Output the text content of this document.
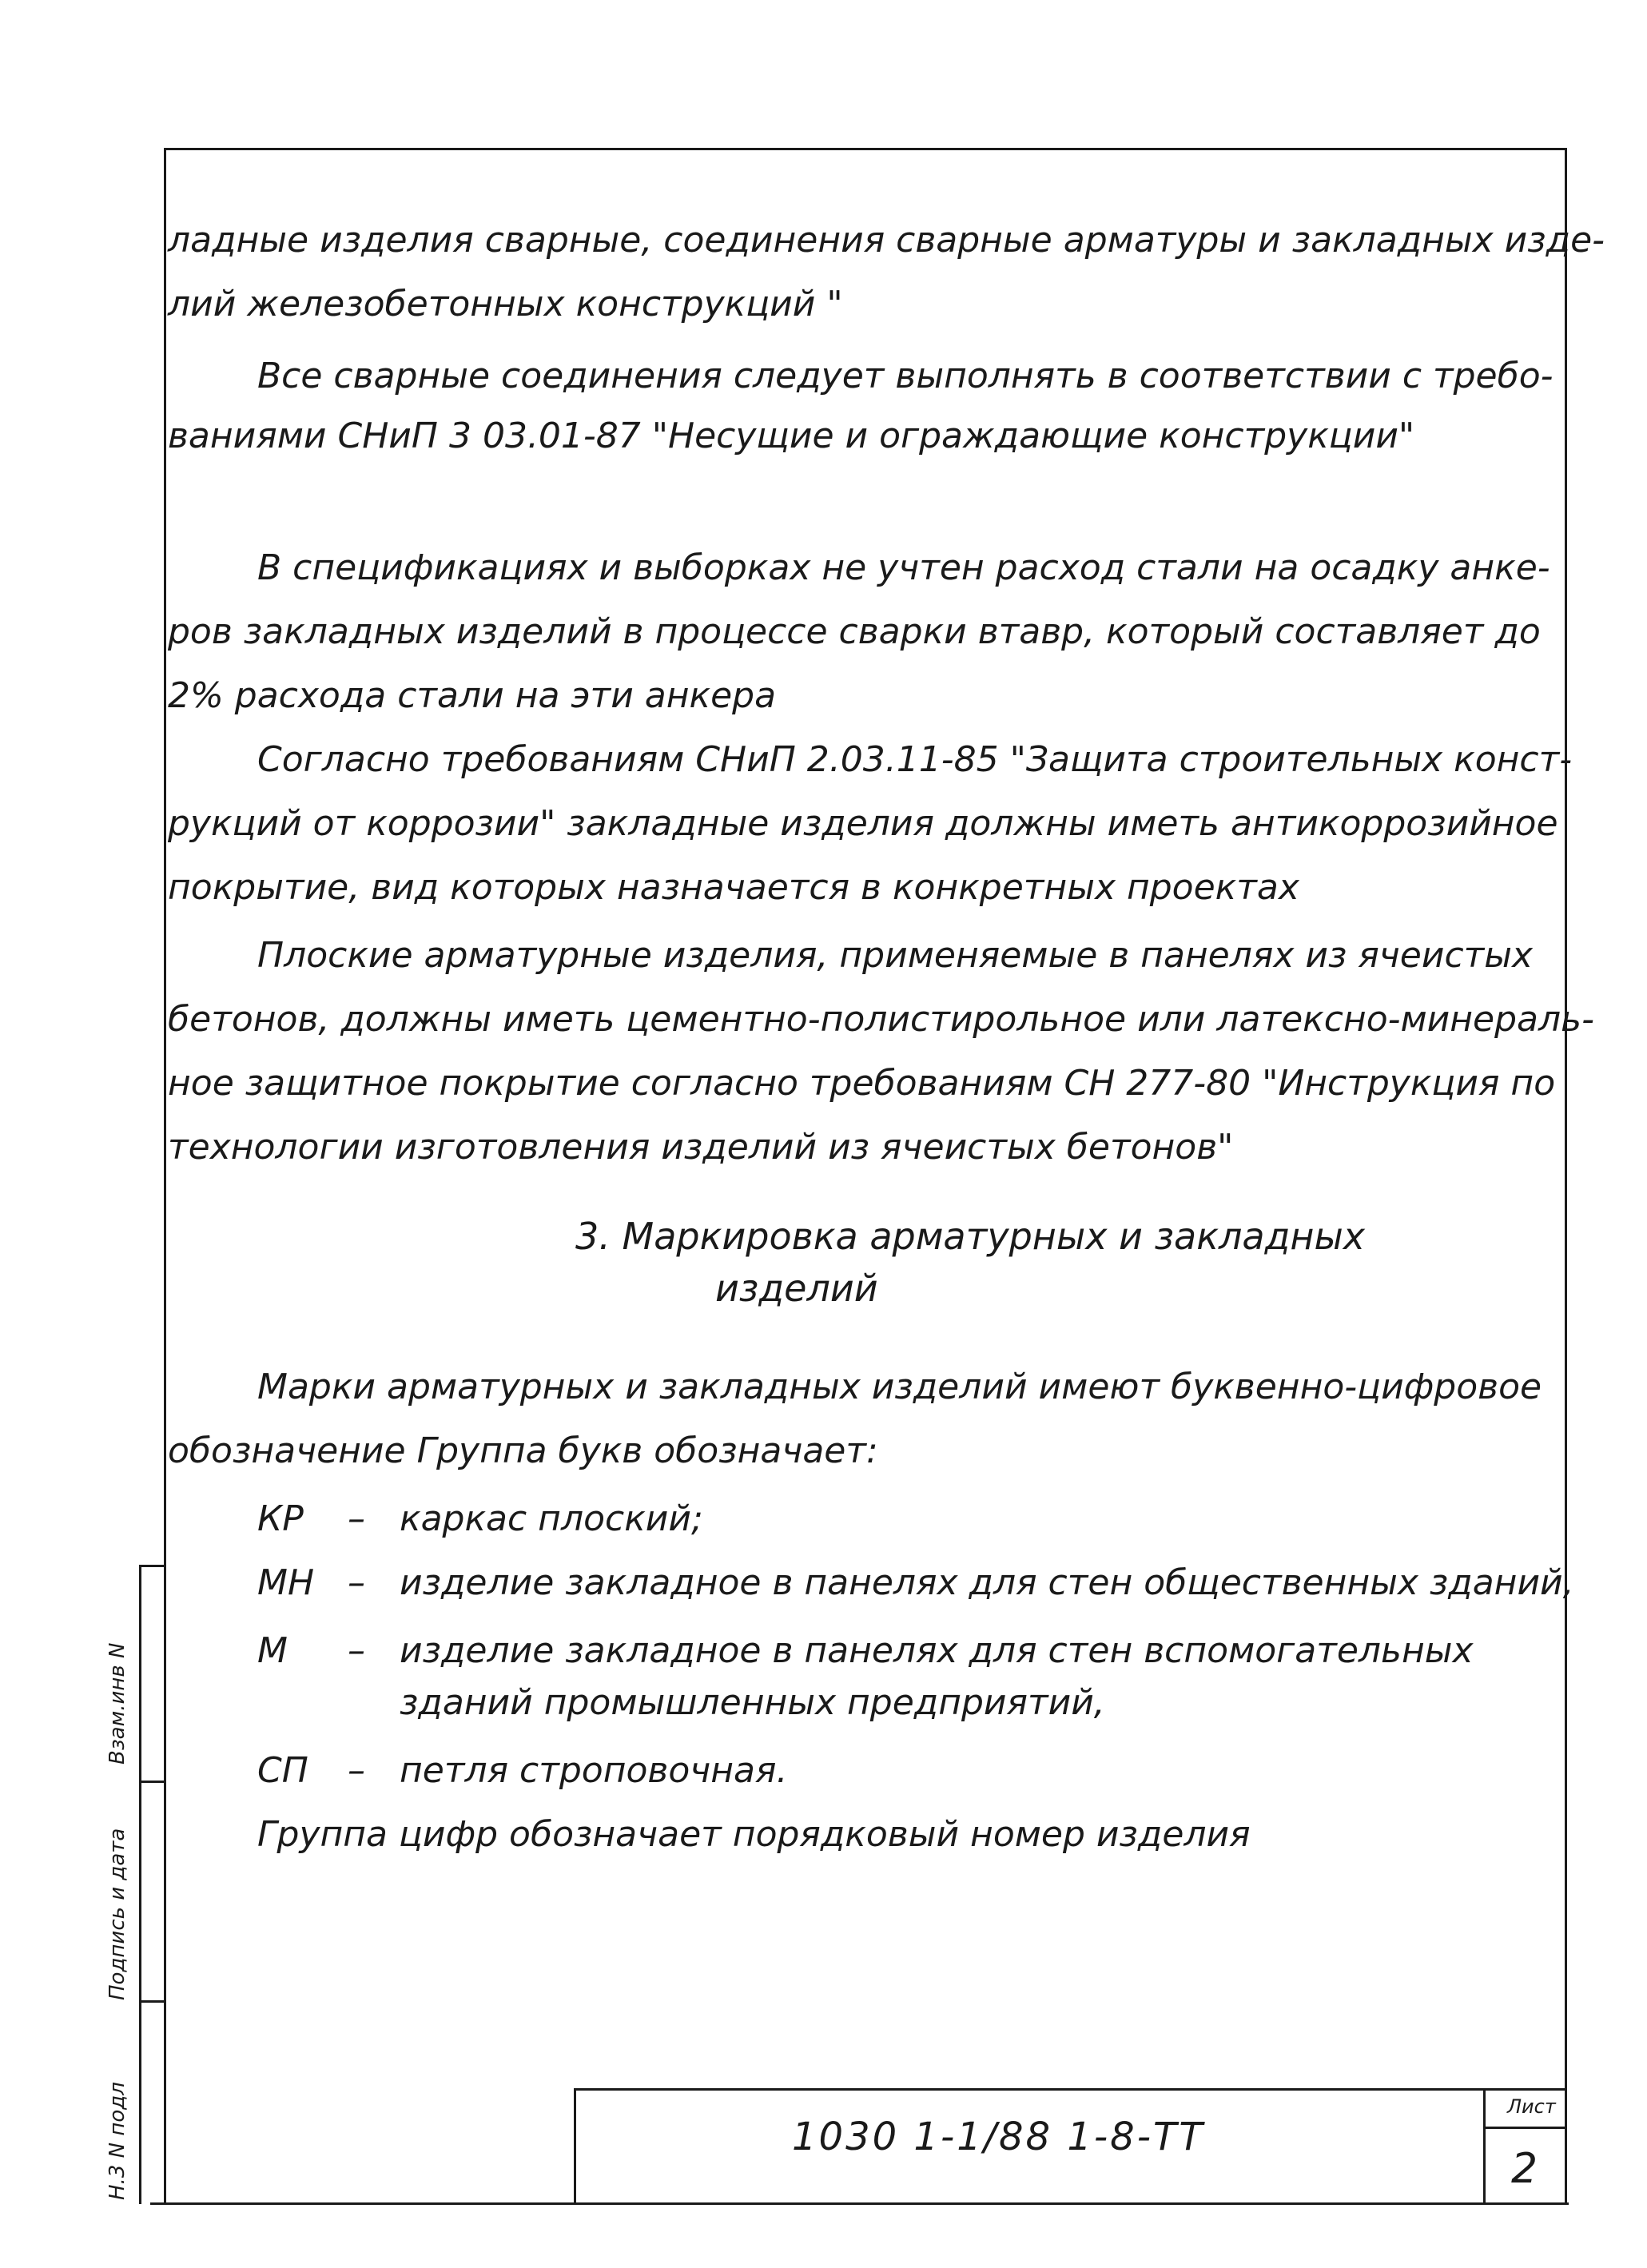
ладные изделия сварные, соединения сварные арматуры и закладных изде-
лий железобетонных конструкций "
Все сварные соединения следует выполнять в соответствии с требо-
ваниями СНиП 3 03.01-87 "Несущие и ограждающие конструкции"
В спецификациях и выборках не учтен расход стали на осадку анке-
ров закладных изделий в процессе сварки втавр, который составляет до
2% расхода стали на эти анкера
Согласно требованиям СНиП 2.03.11-85 "Защита строительных конст-
рукций от коррозии" закладные изделия должны иметь антикоррозийное
покрытие, вид которых назначается в конкретных проектах
Плоские арматурные изделия, применяемые в панелях из ячеистых
бетонов, должны иметь цементно-полистирольное или латексно-минераль-
ное защитное покрытие согласно требованиям СН 277-80 "Инструкция по
технологии изготовления изделий из ячеистых бетонов"
3. Маркировка арматурных и закладных
изделий
Марки арматурных и закладных изделий имеют буквенно-цифровое
обозначение Группа букв обозначает:
КР – каркас плоский;
МН – изделие закладное в панелях для стен общественных зданий,
М – изделие закладное в панелях для стен вспомогательных
зданий промышленных предприятий,
СП – петля строповочная.
Группа цифр обозначает порядковый номер изделия
Взам.инв N
Подпись и дата
Н.3 N подл	1030 1-1/88 1-8-ТТ
Лист
2
